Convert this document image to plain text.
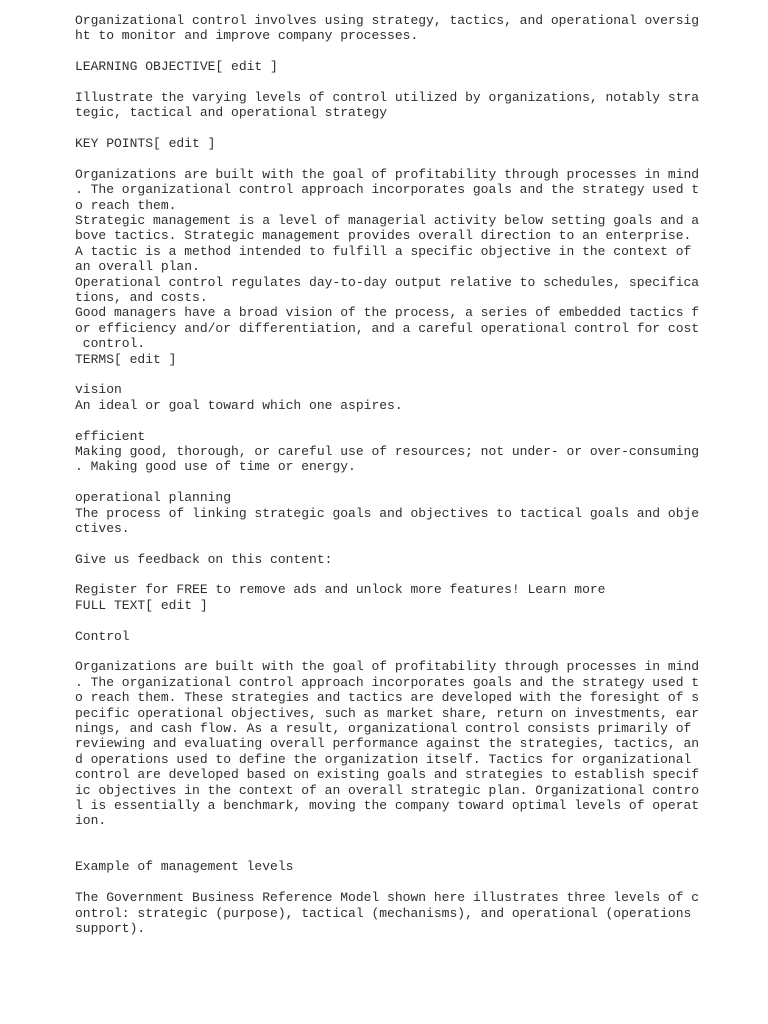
Organizational control involves using strategy, tactics, and operational oversig
ht to monitor and improve company processes.
LEARNING OBJECTIVE[ edit ]
Illustrate the varying levels of control utilized by organizations, notably stra
tegic, tactical and operational strategy
KEY POINTS[ edit ]
Organizations are built with the goal of profitability through processes in mind
. The organizational control approach incorporates goals and the strategy used t
o reach them.
Strategic management is a level of managerial activity below setting goals and a
bove tactics. Strategic management provides overall direction to an enterprise.
A tactic is a method intended to fulfill a specific objective in the context of
an overall plan.
Operational control regulates day-to-day output relative to schedules, specifica
tions, and costs.
Good managers have a broad vision of the process, a series of embedded tactics f
or efficiency and/or differentiation, and a careful operational control for cost
control.
TERMS[ edit ]
vision
An ideal or goal toward which one aspires.
efficient
Making good, thorough, or careful use of resources; not under- or over-consuming
. Making good use of time or energy.
operational planning
The process of linking strategic goals and objectives to tactical goals and obje
ctives.
Give us feedback on this content:
Register for FREE to remove ads and unlock more features! Learn more
FULL TEXT[ edit ]
Control
Organizations are built with the goal of profitability through processes in mind
. The organizational control approach incorporates goals and the strategy used t
o reach them. These strategies and tactics are developed with the foresight of s
pecific operational objectives, such as market share, return on investments, ear
nings, and cash flow. As a result, organizational control consists primarily of
reviewing and evaluating overall performance against the strategies, tactics, an
d operations used to define the organization itself. Tactics for organizational
control are developed based on existing goals and strategies to establish specif
ic objectives in the context of an overall strategic plan. Organizational contro
l is essentially a benchmark, moving the company toward optimal levels of operat
ion.
Example of management levels
The Government Business Reference Model shown here illustrates three levels of c
ontrol: strategic (purpose), tactical (mechanisms), and operational (operations
support).
